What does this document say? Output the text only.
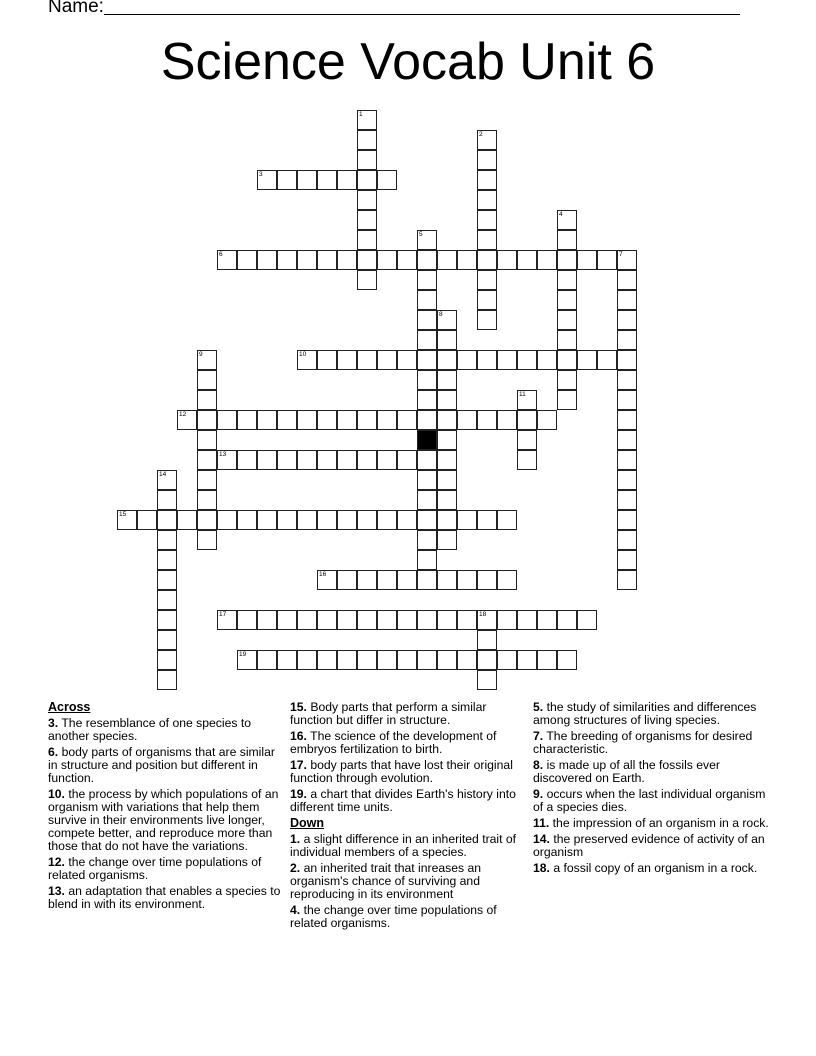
Name:
Science Vocab Unit 6
1
2
3
4
5
6	7
8
9	10
11
12
13
14
15
16
17	18
19
Across
3. The resemblance of one species to another species.
6. body parts of organisms that are similar in structure and position but different in function.
10. the process by which populations of an organism with variations that help them survive in their environments live longer, compete better, and reproduce more than those that do not have the variations.
12. the change over time populations of related organisms.
13. an adaptation that enables a species to blend in with its environment.
15. Body parts that perform a similar function but differ in structure.
16. The science of the development of embryos fertilization to birth.
17. body parts that have lost their original function through evolution.
19. a chart that divides Earth's history into different time units.
Down
1. a slight difference in an inherited trait of individual members of a species.
2. an inherited trait that inreases an organism's chance of surviving and reproducing in its environment
4. the change over time populations of related organisms.
5. the study of similarities and differences among structures of living species.
7. The breeding of organisms for desired characteristic.
8. is made up of all the fossils ever discovered on Earth.
9. occurs when the last individual organism of a species dies.
11. the impression of an organism in a rock.
14. the preserved evidence of activity of an organism
18. a fossil copy of an organism in a rock.
